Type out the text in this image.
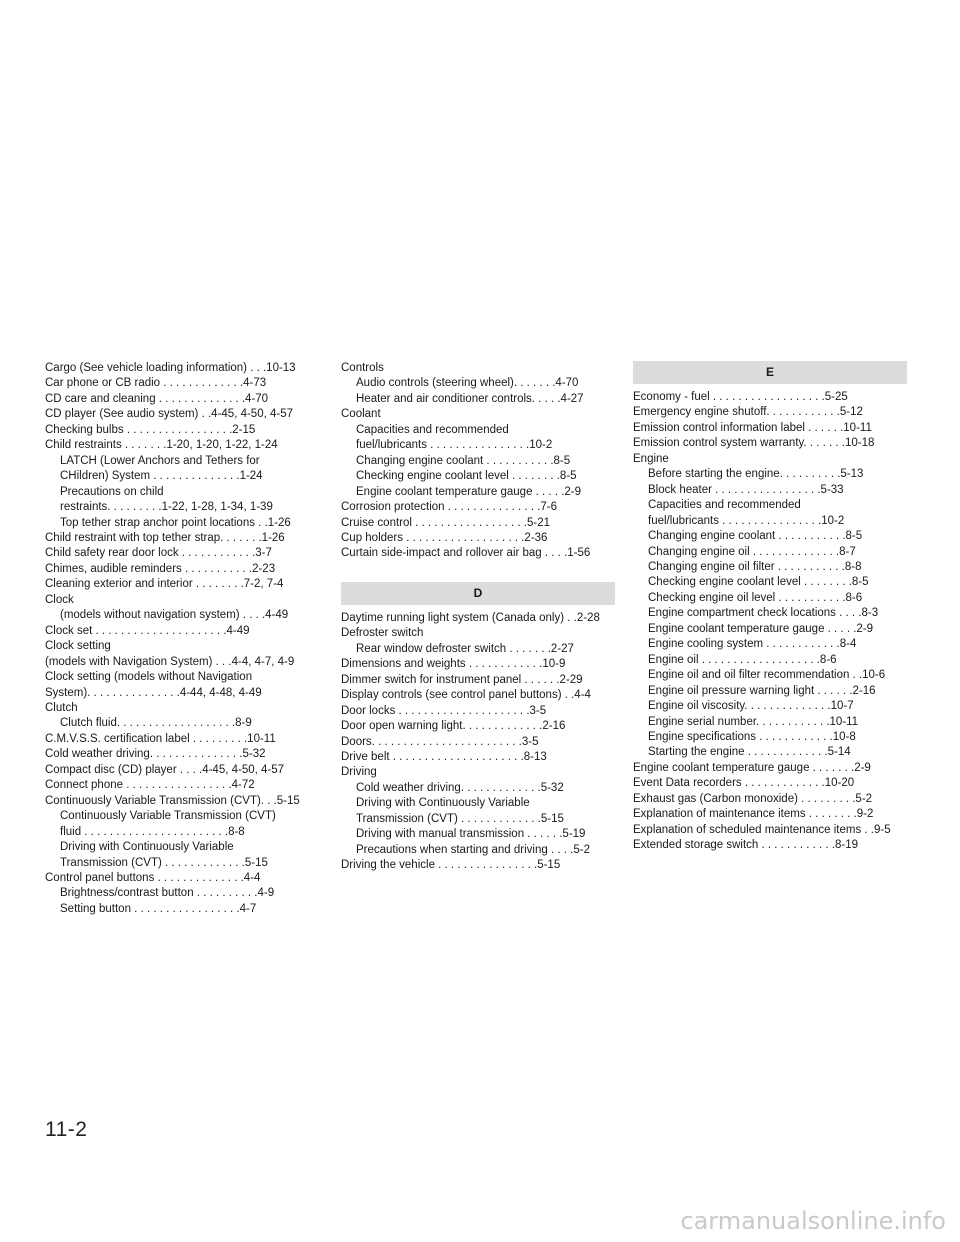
Cargo (See vehicle loading information) . . .10-13
Car phone or CB radio . . . . . . . . . . . . .4-73
CD care and cleaning . . . . . . . . . . . . . .4-70
CD player (See audio system) . .4-45, 4-50, 4-57
Checking bulbs . . . . . . . . . . . . . . . . .2-15
Child restraints . . . . . . .1-20, 1-20, 1-22, 1-24
LATCH (Lower Anchors and Tethers for
CHildren) System . . . . . . . . . . . . . .1-24
Precautions on child
restraints. . . . . . . . .1-22, 1-28, 1-34, 1-39
Top tether strap anchor point locations . .1-26
Child restraint with top tether strap. . . . . . .1-26
Child safety rear door lock . . . . . . . . . . . .3-7
Chimes, audible reminders . . . . . . . . . . .2-23
Cleaning exterior and interior . . . . . . . .7-2, 7-4
Clock
(models without navigation system) . . . .4-49
Clock set . . . . . . . . . . . . . . . . . . . . .4-49
Clock setting
(models with Navigation System) . . .4-4, 4-7, 4-9
Clock setting (models without Navigation
System). . . . . . . . . . . . . . .4-44, 4-48, 4-49
Clutch
Clutch fluid. . . . . . . . . . . . . . . . . . .8-9
C.M.V.S.S. certification label . . . . . . . . .10-11
Cold weather driving. . . . . . . . . . . . . . .5-32
Compact disc (CD) player . . . .4-45, 4-50, 4-57
Connect phone . . . . . . . . . . . . . . . . .4-72
Continuously Variable Transmission (CVT). . .5-15
Continuously Variable Transmission (CVT)
fluid . . . . . . . . . . . . . . . . . . . . . . .8-8
Driving with Continuously Variable
Transmission (CVT) . . . . . . . . . . . . .5-15
Control panel buttons . . . . . . . . . . . . . .4-4
Brightness/contrast button . . . . . . . . . .4-9
Setting button . . . . . . . . . . . . . . . . .4-7
Controls
Audio controls (steering wheel). . . . . . .4-70
Heater and air conditioner controls. . . . .4-27
Coolant
Capacities and recommended
fuel/lubricants . . . . . . . . . . . . . . . .10-2
Changing engine coolant . . . . . . . . . . .8-5
Checking engine coolant level . . . . . . . .8-5
Engine coolant temperature gauge . . . . .2-9
Corrosion protection . . . . . . . . . . . . . . .7-6
Cruise control . . . . . . . . . . . . . . . . . .5-21
Cup holders . . . . . . . . . . . . . . . . . . .2-36
Curtain side-impact and rollover air bag . . . .1-56
D
Daytime running light system (Canada only) . .2-28
Defroster switch
Rear window defroster switch . . . . . . .2-27
Dimensions and weights . . . . . . . . . . . .10-9
Dimmer switch for instrument panel . . . . . .2-29
Display controls (see control panel buttons) . .4-4
Door locks . . . . . . . . . . . . . . . . . . . . .3-5
Door open warning light. . . . . . . . . . . . .2-16
Doors. . . . . . . . . . . . . . . . . . . . . . . .3-5
Drive belt . . . . . . . . . . . . . . . . . . . . .8-13
Driving
Cold weather driving. . . . . . . . . . . . .5-32
Driving with Continuously Variable
Transmission (CVT) . . . . . . . . . . . . .5-15
Driving with manual transmission . . . . . .5-19
Precautions when starting and driving . . . .5-2
Driving the vehicle . . . . . . . . . . . . . . . .5-15
E
Economy - fuel . . . . . . . . . . . . . . . . . .5-25
Emergency engine shutoff. . . . . . . . . . . .5-12
Emission control information label . . . . . .10-11
Emission control system warranty. . . . . . .10-18
Engine
Before starting the engine. . . . . . . . . .5-13
Block heater . . . . . . . . . . . . . . . . .5-33
Capacities and recommended
fuel/lubricants . . . . . . . . . . . . . . . .10-2
Changing engine coolant . . . . . . . . . . .8-5
Changing engine oil . . . . . . . . . . . . . .8-7
Changing engine oil filter . . . . . . . . . . .8-8
Checking engine coolant level . . . . . . . .8-5
Checking engine oil level . . . . . . . . . . .8-6
Engine compartment check locations . . . .8-3
Engine coolant temperature gauge . . . . .2-9
Engine cooling system . . . . . . . . . . . .8-4
Engine oil . . . . . . . . . . . . . . . . . . .8-6
Engine oil and oil filter recommendation . .10-6
Engine oil pressure warning light . . . . . .2-16
Engine oil viscosity. . . . . . . . . . . . . .10-7
Engine serial number. . . . . . . . . . . .10-11
Engine specifications . . . . . . . . . . . .10-8
Starting the engine . . . . . . . . . . . . .5-14
Engine coolant temperature gauge . . . . . . .2-9
Event Data recorders . . . . . . . . . . . . .10-20
Exhaust gas (Carbon monoxide) . . . . . . . . .5-2
Explanation of maintenance items . . . . . . . .9-2
Explanation of scheduled maintenance items . .9-5
Extended storage switch . . . . . . . . . . . .8-19
11-2
carmanualsonline.info
